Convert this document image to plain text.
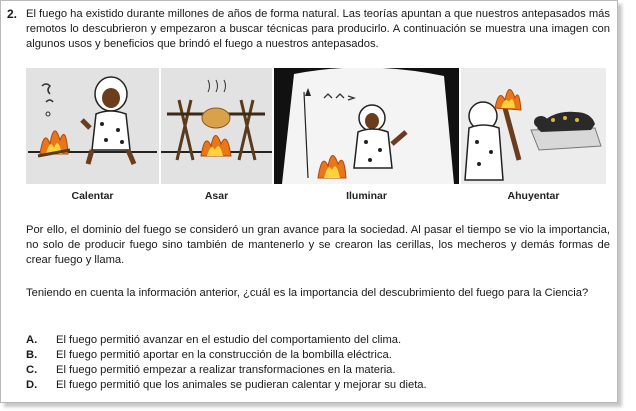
2. El fuego ha existido durante millones de años de forma natural. Las teorías apuntan a que nuestros antepasados más remotos lo descubrieron y empezaron a buscar técnicas para producirlo. A continuación se muestra una imagen con algunos usos y beneficios que brindó el fuego a nuestros antepasados.

Calentar	Asar	Iluminar	Ahuyentar

Por ello, el dominio del fuego se consideró un gran avance para la sociedad. Al pasar el tiempo se vio la importancia, no solo de producir fuego sino también de mantenerlo y se crearon las cerillas, los mecheros y demás formas de crear fuego y llama.

Teniendo en cuenta la información anterior, ¿cuál es la importancia del descubrimiento del fuego para la Ciencia?

A. El fuego permitió avanzar en el estudio del comportamiento del clima.
B. El fuego permitió aportar en la construcción de la bombilla eléctrica.
C. El fuego permitió empezar a realizar transformaciones en la materia.
D. El fuego permitió que los animales se pudieran calentar y mejorar su dieta.
